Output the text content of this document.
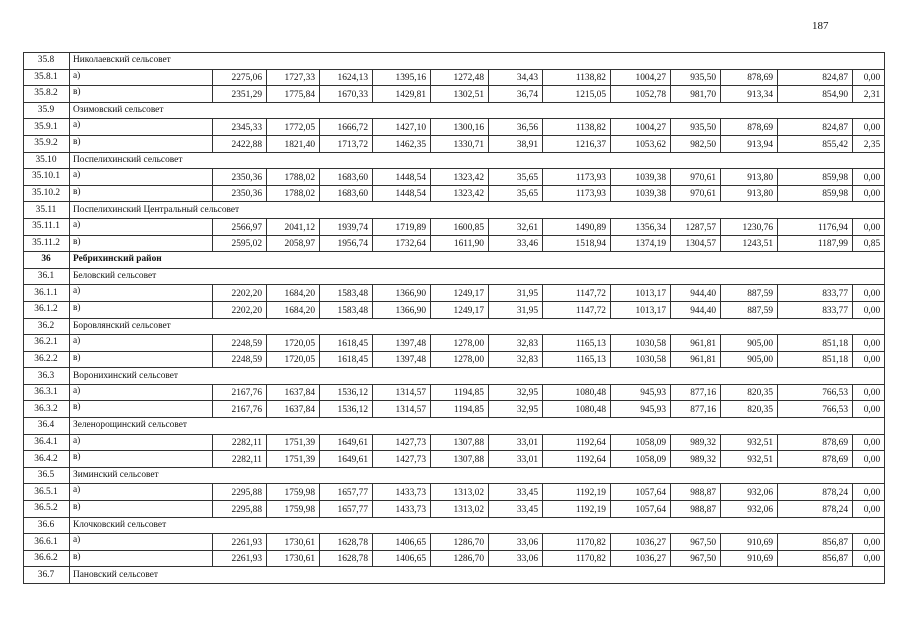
187
35.8	Николаевский сельсовет												
35.8.1	а)	2275,06	1727,33	1624,13	1395,16	1272,48	34,43	1138,82	1004,27	935,50	878,69	824,87	0,00
35.8.2	в)	2351,29	1775,84	1670,33	1429,81	1302,51	36,74	1215,05	1052,78	981,70	913,34	854,90	2,31
35.9	Озимовский сельсовет												
35.9.1	а)	2345,33	1772,05	1666,72	1427,10	1300,16	36,56	1138,82	1004,27	935,50	878,69	824,87	0,00
35.9.2	в)	2422,88	1821,40	1713,72	1462,35	1330,71	38,91	1216,37	1053,62	982,50	913,94	855,42	2,35
35.10	Поспелихинский сельсовет												
35.10.1	а)	2350,36	1788,02	1683,60	1448,54	1323,42	35,65	1173,93	1039,38	970,61	913,80	859,98	0,00
35.10.2	в)	2350,36	1788,02	1683,60	1448,54	1323,42	35,65	1173,93	1039,38	970,61	913,80	859,98	0,00
35.11	Поспелихинский Центральный сельсовет												
35.11.1	а)	2566,97	2041,12	1939,74	1719,89	1600,85	32,61	1490,89	1356,34	1287,57	1230,76	1176,94	0,00
35.11.2	в)	2595,02	2058,97	1956,74	1732,64	1611,90	33,46	1518,94	1374,19	1304,57	1243,51	1187,99	0,85
36	Ребрихинский район												
36.1	Беловский сельсовет												
36.1.1	а)	2202,20	1684,20	1583,48	1366,90	1249,17	31,95	1147,72	1013,17	944,40	887,59	833,77	0,00
36.1.2	в)	2202,20	1684,20	1583,48	1366,90	1249,17	31,95	1147,72	1013,17	944,40	887,59	833,77	0,00
36.2	Боровлянский сельсовет												
36.2.1	а)	2248,59	1720,05	1618,45	1397,48	1278,00	32,83	1165,13	1030,58	961,81	905,00	851,18	0,00
36.2.2	в)	2248,59	1720,05	1618,45	1397,48	1278,00	32,83	1165,13	1030,58	961,81	905,00	851,18	0,00
36.3	Воронихинский сельсовет												
36.3.1	а)	2167,76	1637,84	1536,12	1314,57	1194,85	32,95	1080,48	945,93	877,16	820,35	766,53	0,00
36.3.2	в)	2167,76	1637,84	1536,12	1314,57	1194,85	32,95	1080,48	945,93	877,16	820,35	766,53	0,00
36.4	Зеленорощинский сельсовет												
36.4.1	а)	2282,11	1751,39	1649,61	1427,73	1307,88	33,01	1192,64	1058,09	989,32	932,51	878,69	0,00
36.4.2	в)	2282,11	1751,39	1649,61	1427,73	1307,88	33,01	1192,64	1058,09	989,32	932,51	878,69	0,00
36.5	Зиминский сельсовет												
36.5.1	а)	2295,88	1759,98	1657,77	1433,73	1313,02	33,45	1192,19	1057,64	988,87	932,06	878,24	0,00
36.5.2	в)	2295,88	1759,98	1657,77	1433,73	1313,02	33,45	1192,19	1057,64	988,87	932,06	878,24	0,00
36.6	Клочковский сельсовет												
36.6.1	а)	2261,93	1730,61	1628,78	1406,65	1286,70	33,06	1170,82	1036,27	967,50	910,69	856,87	0,00
36.6.2	в)	2261,93	1730,61	1628,78	1406,65	1286,70	33,06	1170,82	1036,27	967,50	910,69	856,87	0,00
36.7	Пановский сельсовет												
